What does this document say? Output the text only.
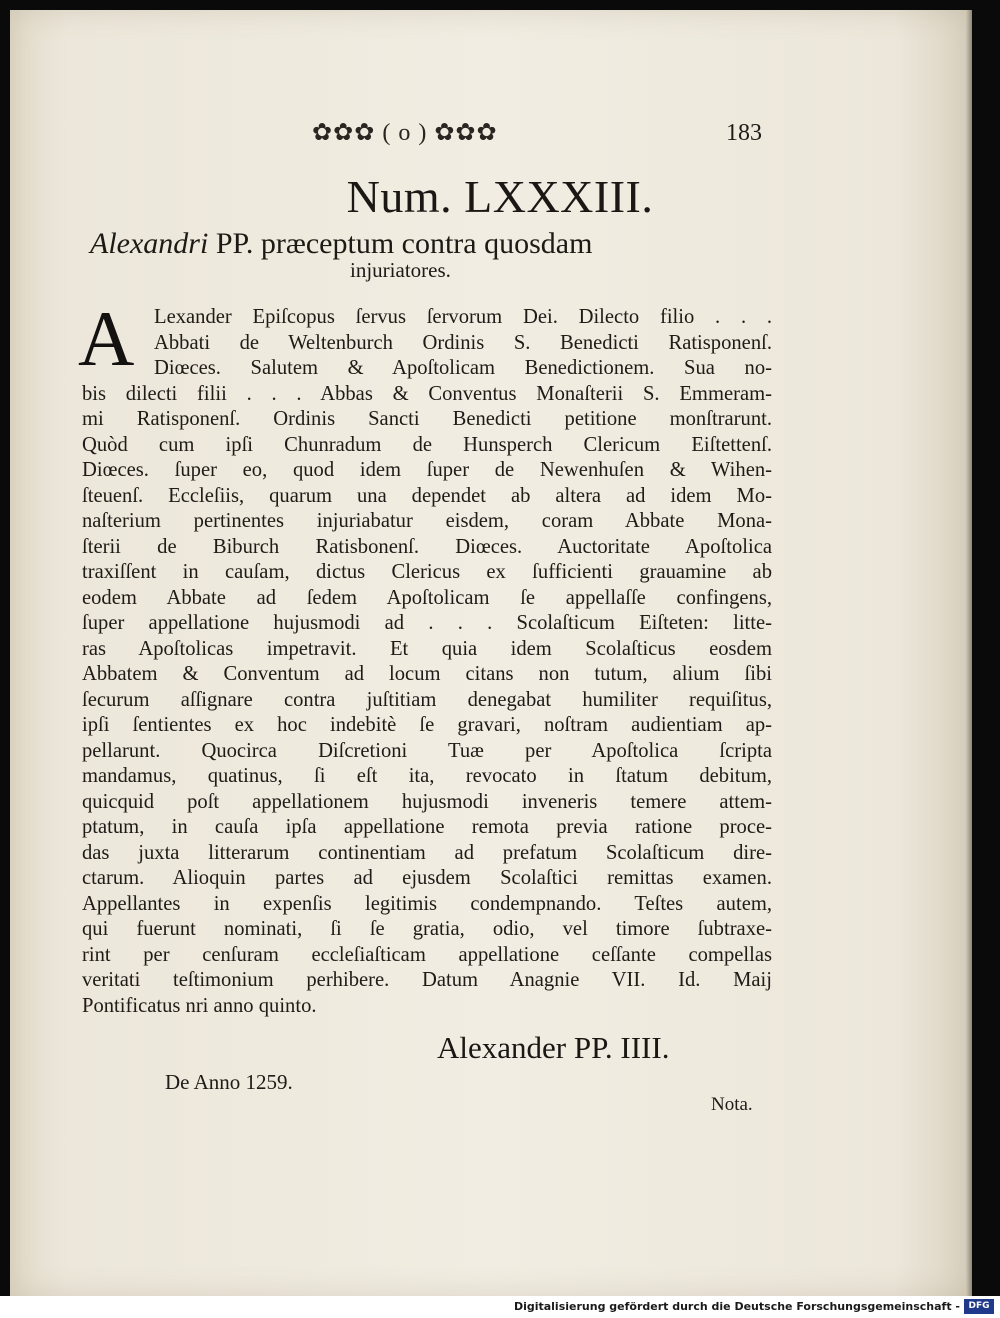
✿✿✿ ( o ) ✿✿✿	183
Num. LXXXIII.
Alexandri PP. præceptum contra quosdam
injuriatores.
A Lexander Epiſcopus ſervus ſervorum Dei. Dilecto filio . . .
Abbati de Weltenburch Ordinis S. Benedicti Ratisponenſ.
Diœces. Salutem & Apoſtolicam Benedictionem. Sua no-
bis dilecti filii . . . Abbas & Conventus Monaſterii S. Emmeram-
mi Ratisponenſ. Ordinis Sancti Benedicti petitione monſtrarunt.
Quòd cum ipſi Chunradum de Hunsperch Clericum Eiſtettenſ.
Diœces. ſuper eo, quod idem ſuper de Newenhuſen & Wihen-
ſteuenſ. Eccleſiis, quarum una dependet ab altera ad idem Mo-
naſterium pertinentes injuriabatur eisdem, coram Abbate Mona-
ſterii de Biburch Ratisbonenſ. Diœces. Auctoritate Apoſtolica
traxiſſent in cauſam, dictus Clericus ex ſufficienti grauamine ab
eodem Abbate ad ſedem Apoſtolicam ſe appellaſſe confingens,
ſuper appellatione hujusmodi ad . . . Scolaſticum Eiſteten: litte-
ras Apoſtolicas impetravit. Et quia idem Scolaſticus eosdem
Abbatem & Conventum ad locum citans non tutum, alium ſibi
ſecurum aſſignare contra juſtitiam denegabat humiliter requiſitus,
ipſi ſentientes ex hoc indebitè ſe gravari, noſtram audientiam ap-
pellarunt. Quocirca Diſcretioni Tuæ per Apoſtolica ſcripta
mandamus, quatinus, ſi eſt ita, revocato in ſtatum debitum,
quicquid poſt appellationem hujusmodi inveneris temere attem-
ptatum, in cauſa ipſa appellatione remota previa ratione proce-
das juxta litterarum continentiam ad prefatum Scolaſticum dire-
ctarum. Alioquin partes ad ejusdem Scolaſtici remittas examen.
Appellantes in expenſis legitimis condempnando. Teſtes autem,
qui fuerunt nominati, ſi ſe gratia, odio, vel timore ſubtraxe-
rint per cenſuram eccleſiaſticam appellatione ceſſante compellas
veritati teſtimonium perhibere. Datum Anagnie VII. Id. Maij
Pontificatus nri anno quinto.
Alexander PP. IIII.
De Anno 1259.
Nota.
Digitalisierung gefördert durch die Deutsche Forschungsgemeinschaft - DFG
